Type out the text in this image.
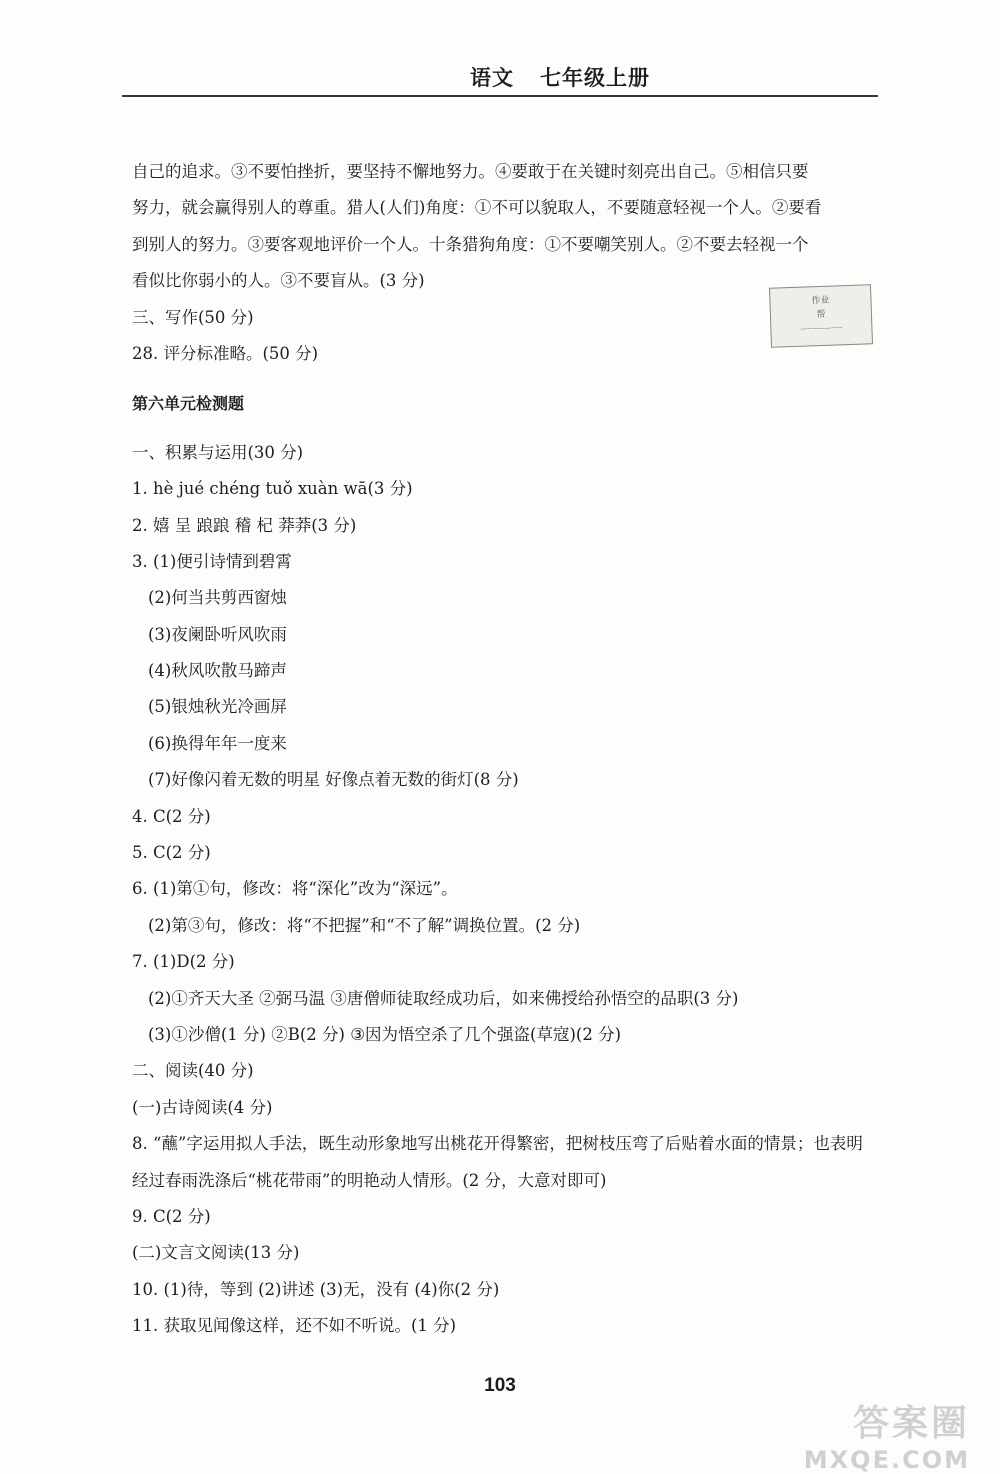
语文 七年级上册
自己的追求。③不要怕挫折，要坚持不懈地努力。④要敢于在关键时刻亮出自己。⑤相信只要
努力，就会赢得别人的尊重。猎人(人们)角度：①不可以貌取人，不要随意轻视一个人。②要看
到别人的努力。③要客观地评价一个人。十条猎狗角度：①不要嘲笑别人。②不要去轻视一个
看似比你弱小的人。③不要盲从。(3 分)
三、写作(50 分)
28. 评分标准略。(50 分)
第六单元检测题
一、积累与运用(30 分)
1. hè jué chéng tuǒ xuàn wā(3 分)
2. 嬉 呈 踉踉 稽 杞 莽莽(3 分)
3. (1)便引诗情到碧霄
(2)何当共剪西窗烛
(3)夜阑卧听风吹雨
(4)秋风吹散马蹄声
(5)银烛秋光冷画屏
(6)换得年年一度来
(7)好像闪着无数的明星 好像点着无数的街灯(8 分)
4. C(2 分)
5. C(2 分)
6. (1)第①句，修改：将“深化”改为“深远”。
(2)第③句，修改：将“不把握”和“不了解”调换位置。(2 分)
7. (1)D(2 分)
(2)①齐天大圣 ②弼马温 ③唐僧师徒取经成功后，如来佛授给孙悟空的品职(3 分)
(3)①沙僧(1 分) ②B(2 分) ③因为悟空杀了几个强盗(草寇)(2 分)
二、阅读(40 分)
(一)古诗阅读(4 分)
8. “蘸”字运用拟人手法，既生动形象地写出桃花开得繁密，把树枝压弯了后贴着水面的情景；也表明
经过春雨洗涤后“桃花带雨”的明艳动人情形。(2 分，大意对即可)
9. C(2 分)
(二)文言文阅读(13 分)
10. (1)待，等到 (2)讲述 (3)无，没有 (4)你(2 分)
11. 获取见闻像这样，还不如不听说。(1 分)
作业
帮
———————
103
答案圈
MXQE.COM
